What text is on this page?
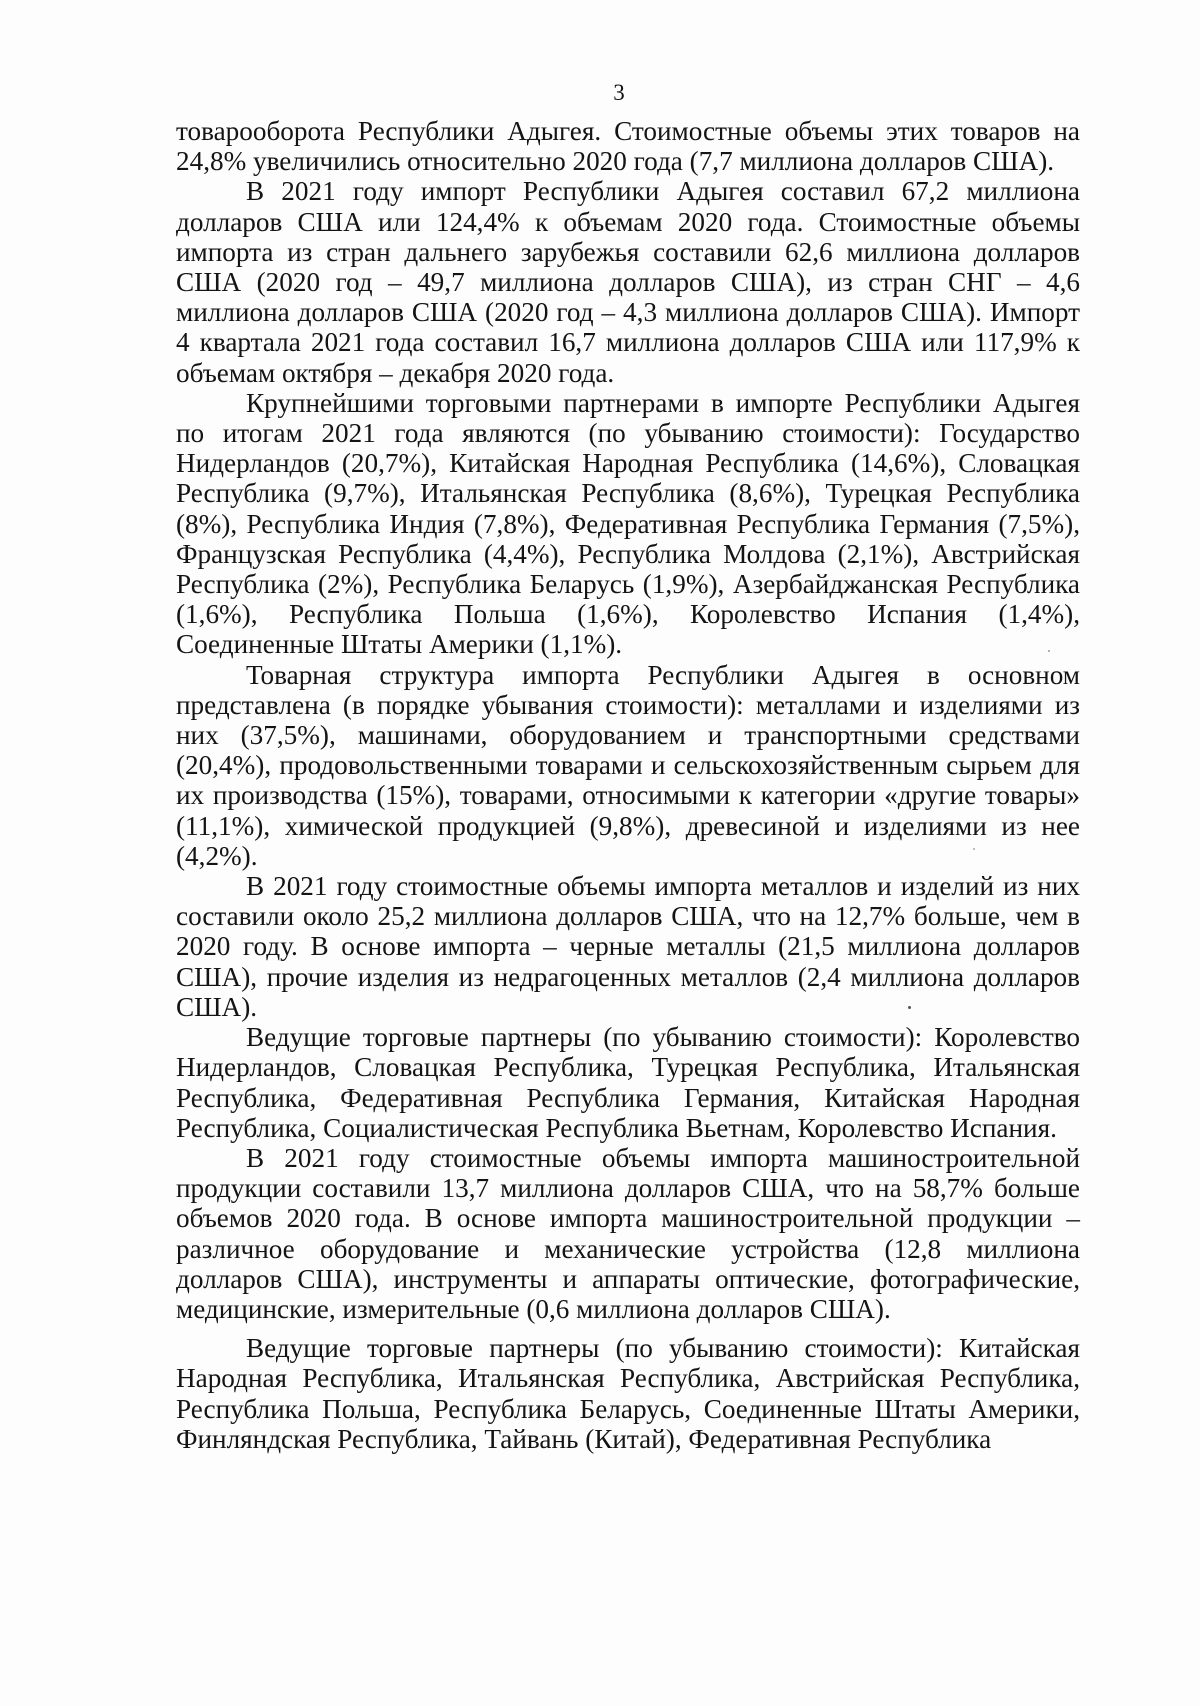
3

товарооборота Республики Адыгея. Стоимостные объемы этих товаров на 24,8% увеличились относительно 2020 года (7,7 миллиона долларов США).

В 2021 году импорт Республики Адыгея составил 67,2 миллиона долларов США или 124,4% к объемам 2020 года. Стоимостные объемы импорта из стран дальнего зарубежья составили 62,6 миллиона долларов США (2020 год – 49,7 миллиона долларов США), из стран СНГ – 4,6 миллиона долларов США (2020 год – 4,3 миллиона долларов США). Импорт 4 квартала 2021 года составил 16,7 миллиона долларов США или 117,9% к объемам октября – декабря 2020 года.

Крупнейшими торговыми партнерами в импорте Республики Адыгея по итогам 2021 года являются (по убыванию стоимости): Государство Нидерландов (20,7%), Китайская Народная Республика (14,6%), Словацкая Республика (9,7%), Итальянская Республика (8,6%), Турецкая Республика (8%), Республика Индия (7,8%), Федеративная Республика Германия (7,5%), Французская Республика (4,4%), Республика Молдова (2,1%), Австрийская Республика (2%), Республика Беларусь (1,9%), Азербайджанская Республика (1,6%), Республика Польша (1,6%), Королевство Испания (1,4%), Соединенные Штаты Америки (1,1%).

Товарная структура импорта Республики Адыгея в основном представлена (в порядке убывания стоимости): металлами и изделиями из них (37,5%), машинами, оборудованием и транспортными средствами (20,4%), продовольственными товарами и сельскохозяйственным сырьем для их производства (15%), товарами, относимыми к категории «другие товары» (11,1%), химической продукцией (9,8%), древесиной и изделиями из нее (4,2%).

В 2021 году стоимостные объемы импорта металлов и изделий из них составили около 25,2 миллиона долларов США, что на 12,7% больше, чем в 2020 году. В основе импорта – черные металлы (21,5 миллиона долларов США), прочие изделия из недрагоценных металлов (2,4 миллиона долларов США).

Ведущие торговые партнеры (по убыванию стоимости): Королевство Нидерландов, Словацкая Республика, Турецкая Республика, Итальянская Республика, Федеративная Республика Германия, Китайская Народная Республика, Социалистическая Республика Вьетнам, Королевство Испания.

В 2021 году стоимостные объемы импорта машиностроительной продукции составили 13,7 миллиона долларов США, что на 58,7% больше объемов 2020 года. В основе импорта машиностроительной продукции – различное оборудование и механические устройства (12,8 миллиона долларов США), инструменты и аппараты оптические, фотографические, медицинские, измерительные (0,6 миллиона долларов США).

Ведущие торговые партнеры (по убыванию стоимости): Китайская Народная Республика, Итальянская Республика, Австрийская Республика, Республика Польша, Республика Беларусь, Соединенные Штаты Америки, Финляндская Республика, Тайвань (Китай), Федеративная Республика
